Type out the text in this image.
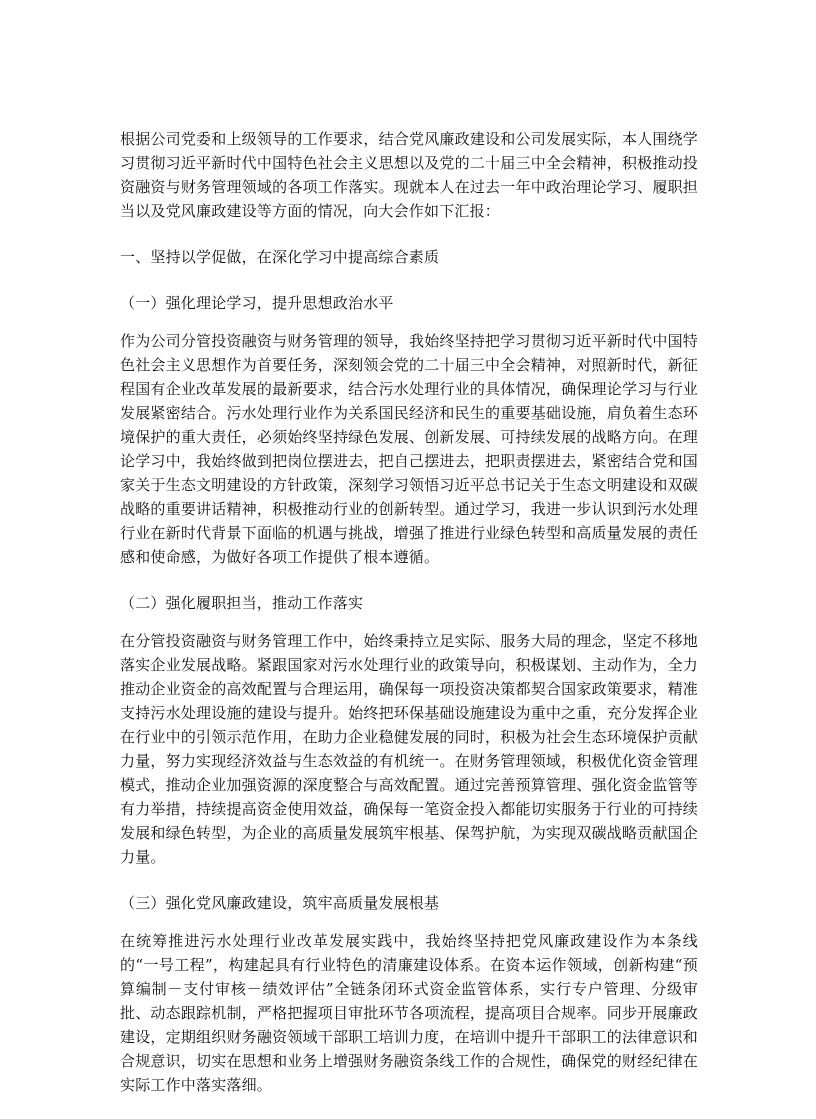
根据公司党委和上级领导的工作要求，结合党风廉政建设和公司发展实际，本人围绕学习贯彻习近平新时代中国特色社会主义思想以及党的二十届三中全会精神，积极推动投资融资与财务管理领域的各项工作落实。现就本人在过去一年中政治理论学习、履职担当以及党风廉政建设等方面的情况，向大会作如下汇报：

一、坚持以学促做，在深化学习中提高综合素质

（一）强化理论学习，提升思想政治水平

作为公司分管投资融资与财务管理的领导，我始终坚持把学习贯彻习近平新时代中国特色社会主义思想作为首要任务，深刻领会党的二十届三中全会精神，对照新时代，新征程国有企业改革发展的最新要求，结合污水处理行业的具体情况，确保理论学习与行业发展紧密结合。污水处理行业作为关系国民经济和民生的重要基础设施，肩负着生态环境保护的重大责任，必须始终坚持绿色发展、创新发展、可持续发展的战略方向。在理论学习中，我始终做到把岗位摆进去，把自己摆进去，把职责摆进去，紧密结合党和国家关于生态文明建设的方针政策，深刻学习领悟习近平总书记关于生态文明建设和双碳战略的重要讲话精神，积极推动行业的创新转型。通过学习，我进一步认识到污水处理行业在新时代背景下面临的机遇与挑战，增强了推进行业绿色转型和高质量发展的责任感和使命感，为做好各项工作提供了根本遵循。

（二）强化履职担当，推动工作落实

在分管投资融资与财务管理工作中，始终秉持立足实际、服务大局的理念，坚定不移地落实企业发展战略。紧跟国家对污水处理行业的政策导向，积极谋划、主动作为，全力推动企业资金的高效配置与合理运用，确保每一项投资决策都契合国家政策要求，精准支持污水处理设施的建设与提升。始终把环保基础设施建设为重中之重，充分发挥企业在行业中的引领示范作用，在助力企业稳健发展的同时，积极为社会生态环境保护贡献力量，努力实现经济效益与生态效益的有机统一。在财务管理领域，积极优化资金管理模式，推动企业加强资源的深度整合与高效配置。通过完善预算管理、强化资金监管等有力举措，持续提高资金使用效益，确保每一笔资金投入都能切实服务于行业的可持续发展和绿色转型，为企业的高质量发展筑牢根基、保驾护航，为实现双碳战略贡献国企力量。

（三）强化党风廉政建设，筑牢高质量发展根基

在统筹推进污水处理行业改革发展实践中，我始终坚持把党风廉政建设作为本条线的“一号工程”，构建起具有行业特色的清廉建设体系。在资本运作领域，创新构建“预算编制－支付审核－绩效评估”全链条闭环式资金监管体系，实行专户管理、分级审批、动态跟踪机制，严格把握项目审批环节各项流程，提高项目合规率。同步开展廉政建设，定期组织财务融资领域干部职工培训力度，在培训中提升干部职工的法律意识和合规意识，切实在思想和业务上增强财务融资条线工作的合规性，确保党的财经纪律在实际工作中落实落细。
